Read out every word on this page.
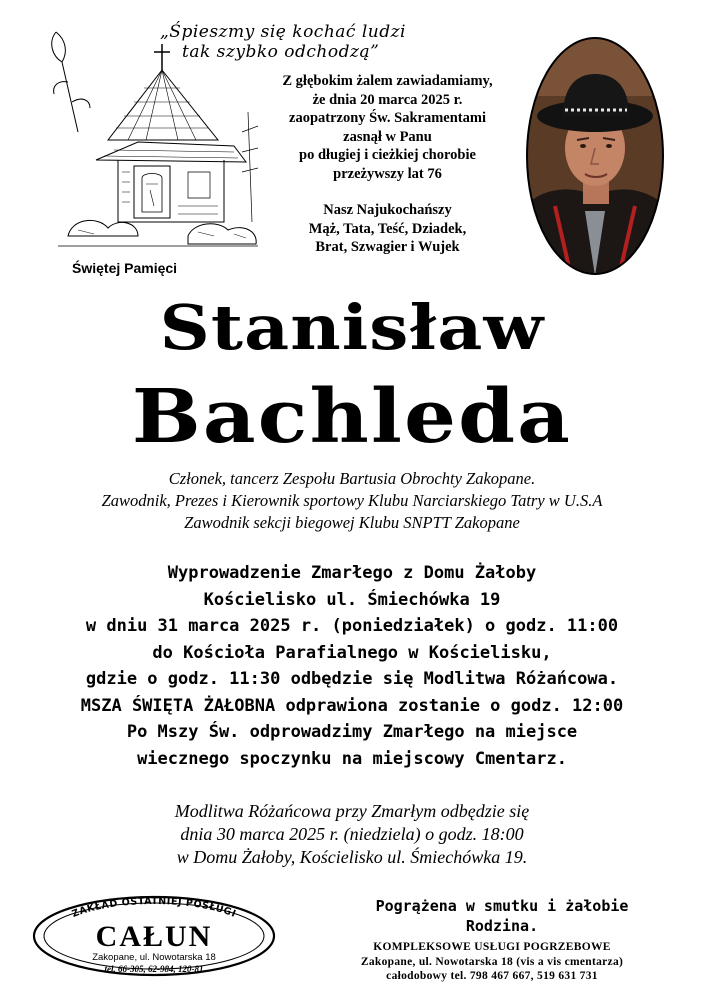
„Śpieszmy się kochać ludzi
tak szybko odchodzą”
Świętej Pamięci
Z głębokim żalem zawiadamiamy,
że dnia 20 marca 2025 r.
zaopatrzony Św. Sakramentami
zasnął w Panu
po długiej i cieżkiej chorobie
przeżywszy lat 76
Nasz Najukochańszy
Mąż, Tata, Teść, Dziadek,
Brat, Szwagier i Wujek
Stanisław
Bachleda
Członek, tancerz Zespołu Bartusia Obrochty Zakopane.
Zawodnik, Prezes i Kierownik sportowy Klubu Narciarskiego Tatry w U.S.A
Zawodnik sekcji biegowej Klubu SNPTT Zakopane
Wyprowadzenie Zmarłego z Domu Żałoby
Kościelisko ul. Śmiechówka 19
w dniu 31 marca 2025 r. (poniedziałek) o godz. 11:00
do Kościoła Parafialnego w Kościelisku,
gdzie o godz. 11:30 odbędzie się Modlitwa Różańcowa.
MSZA ŚWIĘTA ŻAŁOBNA odprawiona zostanie o godz. 12:00
Po Mszy Św. odprowadzimy Zmarłego na miejsce
wiecznego spoczynku na miejscowy Cmentarz.
Modlitwa Różańcowa przy Zmarłym odbędzie się
dnia 30 marca 2025 r. (niedziela) o godz. 18:00
w Domu Żałoby, Kościelisko ul. Śmiechówka 19.
Pogrążena w smutku i żałobie
Rodzina.
ZAKŁAD OSTATNIEJ POSŁUGI
CAŁUN
Zakopane, ul. Nowotarska 18
tel. 66-305, 62-984, 120-81
KOMPLEKSOWE USŁUGI POGRZEBOWE
Zakopane, ul. Nowotarska 18 (vis a vis cmentarza)
całodobowy tel. 798 467 667, 519 631 731
